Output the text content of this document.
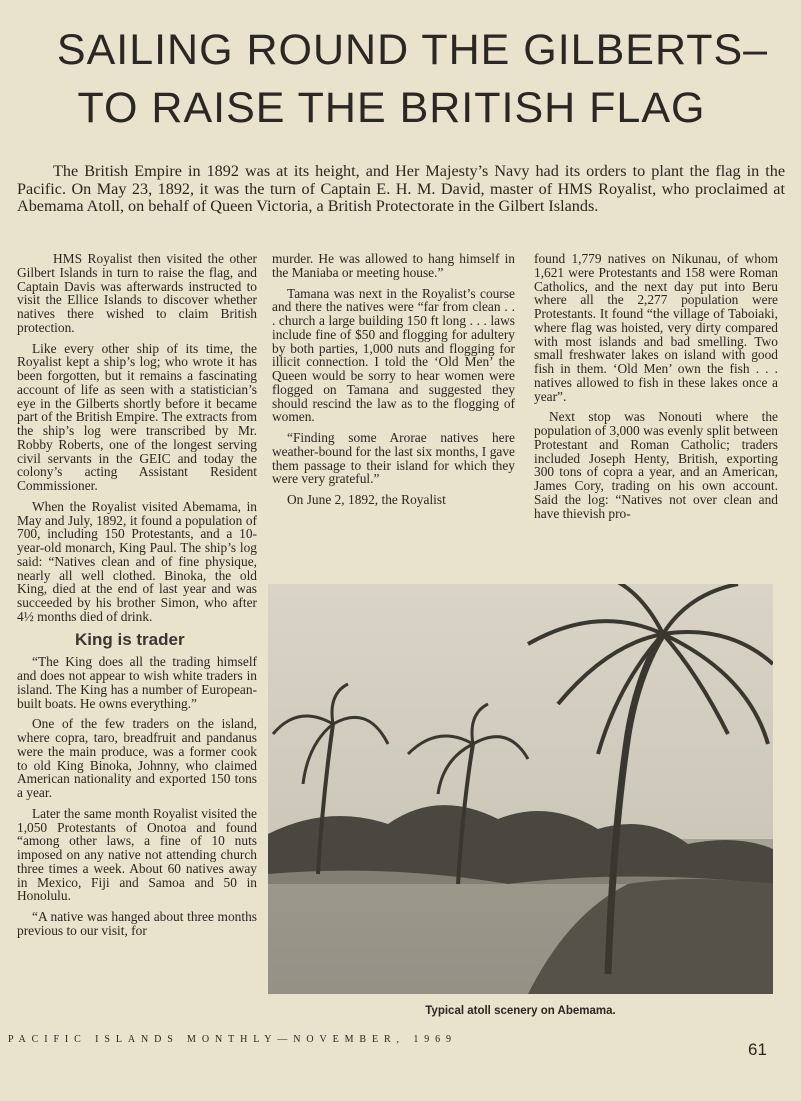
SAILING ROUND THE GILBERTS–
TO RAISE THE BRITISH FLAG

The British Empire in 1892 was at its height, and Her Majesty’s Navy had its orders to plant the flag in the Pacific. On May 23, 1892, it was the turn of Captain E. H. M. David, master of HMS Royalist, who proclaimed at Abemama Atoll, on behalf of Queen Victoria, a British Protectorate in the Gilbert Islands.

HMS Royalist then visited the other Gilbert Islands in turn to raise the flag, and Captain Davis was afterwards instructed to visit the Ellice Islands to discover whether natives there wished to claim British protection.

Like every other ship of its time, the Royalist kept a ship’s log; who wrote it has been forgotten, but it remains a fascinating account of life as seen with a statistician’s eye in the Gilberts shortly before it became part of the British Empire. The extracts from the ship’s log were transcribed by Mr. Robby Roberts, one of the longest serving civil servants in the GEIC and today the colony’s acting Assistant Resident Commissioner.

When the Royalist visited Abemama, in May and July, 1892, it found a population of 700, including 150 Protestants, and a 10-year-old monarch, King Paul. The ship’s log said: “Natives clean and of fine physique, nearly all well clothed. Binoka, the old King, died at the end of last year and was succeeded by his brother Simon, who after 4½ months died of drink.

King is trader

“The King does all the trading himself and does not appear to wish white traders in island. The King has a number of European-built boats. He owns everything.”

One of the few traders on the island, where copra, taro, breadfruit and pandanus were the main produce, was a former cook to old King Binoka, Johnny, who claimed American nationality and exported 150 tons a year.

Later the same month Royalist visited the 1,050 Protestants of Onotoa and found “among other laws, a fine of 10 nuts imposed on any native not attending church three times a week. About 60 natives away in Mexico, Fiji and Samoa and 50 in Honolulu.

“A native was hanged about three months previous to our visit, for

murder. He was allowed to hang himself in the Maniaba or meeting house.”

Tamana was next in the Royalist’s course and there the natives were “far from clean . . . church a large building 150 ft long . . . laws include fine of $50 and flogging for adultery by both parties, 1,000 nuts and flogging for illicit connection. I told the ‘Old Men’ the Queen would be sorry to hear women were flogged on Tamana and suggested they should rescind the law as to the flogging of women.

“Finding some Arorae natives here weather-bound for the last six months, I gave them passage to their island for which they were very grateful.”

On June 2, 1892, the Royalist

found 1,779 natives on Nikunau, of whom 1,621 were Protestants and 158 were Roman Catholics, and the next day put into Beru where all the 2,277 population were Protestants. It found “the village of Taboiaki, where flag was hoisted, very dirty compared with most islands and bad smelling. Two small freshwater lakes on island with good fish in them. ‘Old Men’ own the fish . . . natives allowed to fish in these lakes once a year”.

Next stop was Nonouti where the population of 3,000 was evenly split between Protestant and Roman Catholic; traders included Joseph Henty, British, exporting 300 tons of copra a year, and an American, James Cory, trading on his own account. Said the log: “Natives not over clean and have thievish pro-

Typical atoll scenery on Abemama.
PACIFIC ISLANDS MONTHLY—NOVEMBER, 1969
61
